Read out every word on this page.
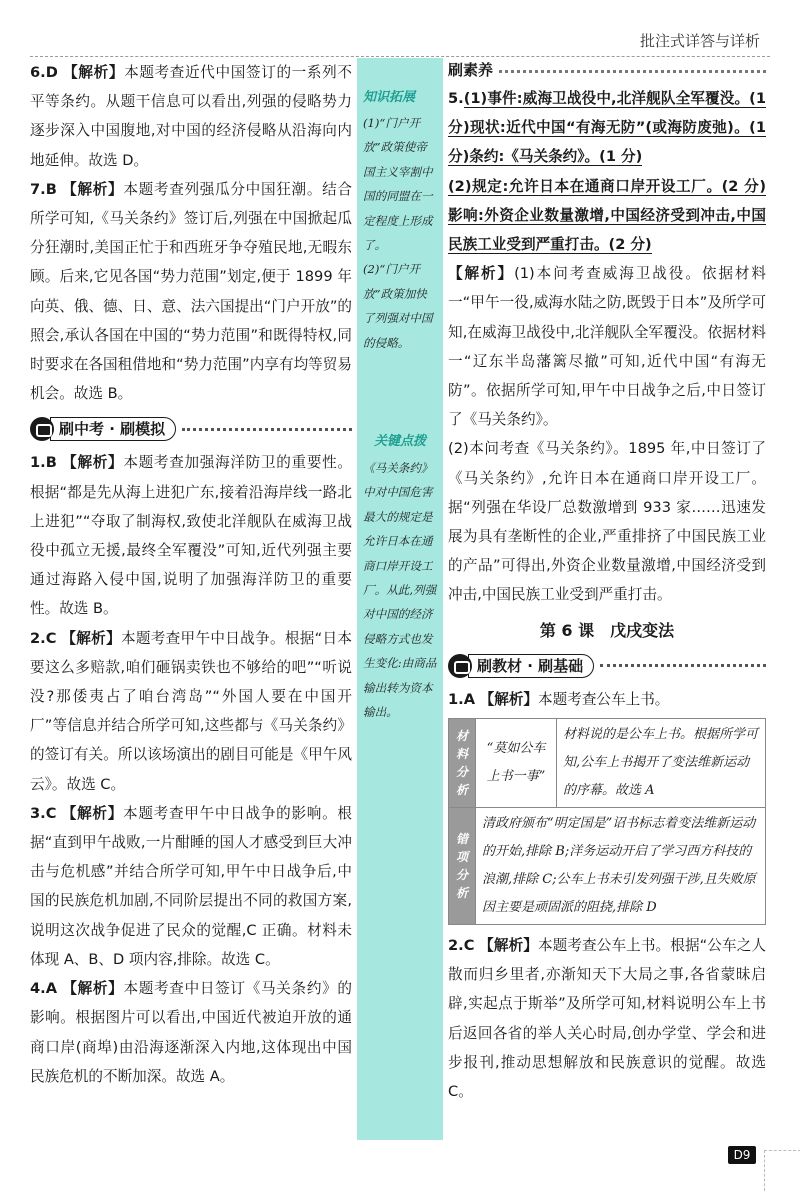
批注式详答与详析

6.D 【解析】本题考查近代中国签订的一系列不平等条约。从题干信息可以看出,列强的侵略势力逐步深入中国腹地,对中国的经济侵略从沿海向内地延伸。故选 D。

7.B 【解析】本题考查列强瓜分中国狂潮。结合所学可知,《马关条约》签订后,列强在中国掀起瓜分狂潮时,美国正忙于和西班牙争夺殖民地,无暇东顾。后来,它见各国“势力范围”划定,便于 1899 年向英、俄、德、日、意、法六国提出“门户开放”的照会,承认各国在中国的“势力范围”和既得特权,同时要求在各国租借地和“势力范围”内享有均等贸易机会。故选 B。

刷中考 · 刷模拟

1.B 【解析】本题考查加强海洋防卫的重要性。根据“都是先从海上进犯广东,接着沿海岸线一路北上进犯”“夺取了制海权,致使北洋舰队在威海卫战役中孤立无援,最终全军覆没”可知,近代列强主要通过海路入侵中国,说明了加强海洋防卫的重要性。故选 B。

2.C 【解析】本题考查甲午中日战争。根据“日本要这么多赔款,咱们砸锅卖铁也不够给的吧”“听说没?那倭夷占了咱台湾岛”“外国人要在中国开厂”等信息并结合所学可知,这些都与《马关条约》的签订有关。所以该场演出的剧目可能是《甲午风云》。故选 C。

3.C 【解析】本题考查甲午中日战争的影响。根据“直到甲午战败,一片酣睡的国人才感受到巨大冲击与危机感”并结合所学可知,甲午中日战争后,中国的民族危机加剧,不同阶层提出不同的救国方案,说明这次战争促进了民众的觉醒,C 正确。材料未体现 A、B、D 项内容,排除。故选 C。

4.A 【解析】本题考查中日签订《马关条约》的影响。根据图片可以看出,中国近代被迫开放的通商口岸(商埠)由沿海逐渐深入内地,这体现出中国民族危机的不断加深。故选 A。

知识拓展
(1)“门户开放”政策使帝国主义宰割中国的同盟在一定程度上形成了。
(2)“门户开放”政策加快了列强对中国的侵略。
关键点拨
《马关条约》中对中国危害最大的规定是允许日本在通商口岸开设工厂。从此,列强对中国的经济侵略方式也发生变化:由商品输出转为资本输出。
刷素养

5.(1)事件:威海卫战役中,北洋舰队全军覆没。(1 分)现状:近代中国“有海无防”(或海防废弛)。(1 分)条约:《马关条约》。(1 分)

(2)规定:允许日本在通商口岸开设工厂。(2 分)影响:外资企业数量激增,中国经济受到冲击,中国民族工业受到严重打击。(2 分)

【解析】(1)本问考查威海卫战役。依据材料一“甲午一役,威海水陆之防,既毁于日本”及所学可知,在威海卫战役中,北洋舰队全军覆没。依据材料一“辽东半岛藩篱尽撤”可知,近代中国“有海无防”。依据所学可知,甲午中日战争之后,中日签订了《马关条约》。

(2)本问考查《马关条约》。1895 年,中日签订了《马关条约》,允许日本在通商口岸开设工厂。据“列强在华设厂总数激增到 933 家……迅速发展为具有垄断性的企业,严重排挤了中国民族工业的产品”可得出,外资企业数量激增,中国经济受到冲击,中国民族工业受到严重打击。

第 6 课 戊戌变法
刷教材 · 刷基础

1.A 【解析】本题考查公车上书。

材料分析	“莫如公车上书一事”	材料说的是公车上书。根据所学可知,公车上书揭开了变法维新运动的序幕。故选 A
错项分析	清政府颁布“明定国是”诏书标志着变法维新运动的开始,排除 B;洋务运动开启了学习西方科技的浪潮,排除 C;公车上书未引发列强干涉,且失败原因主要是顽固派的阻挠,排除 D	

2.C 【解析】本题考查公车上书。根据“公车之人散而归乡里者,亦渐知天下大局之事,各省蒙昧启辟,实起点于斯举”及所学可知,材料说明公车上书后返回各省的举人关心时局,创办学堂、学会和进步报刊,推动思想解放和民族意识的觉醒。故选 C。

D9
